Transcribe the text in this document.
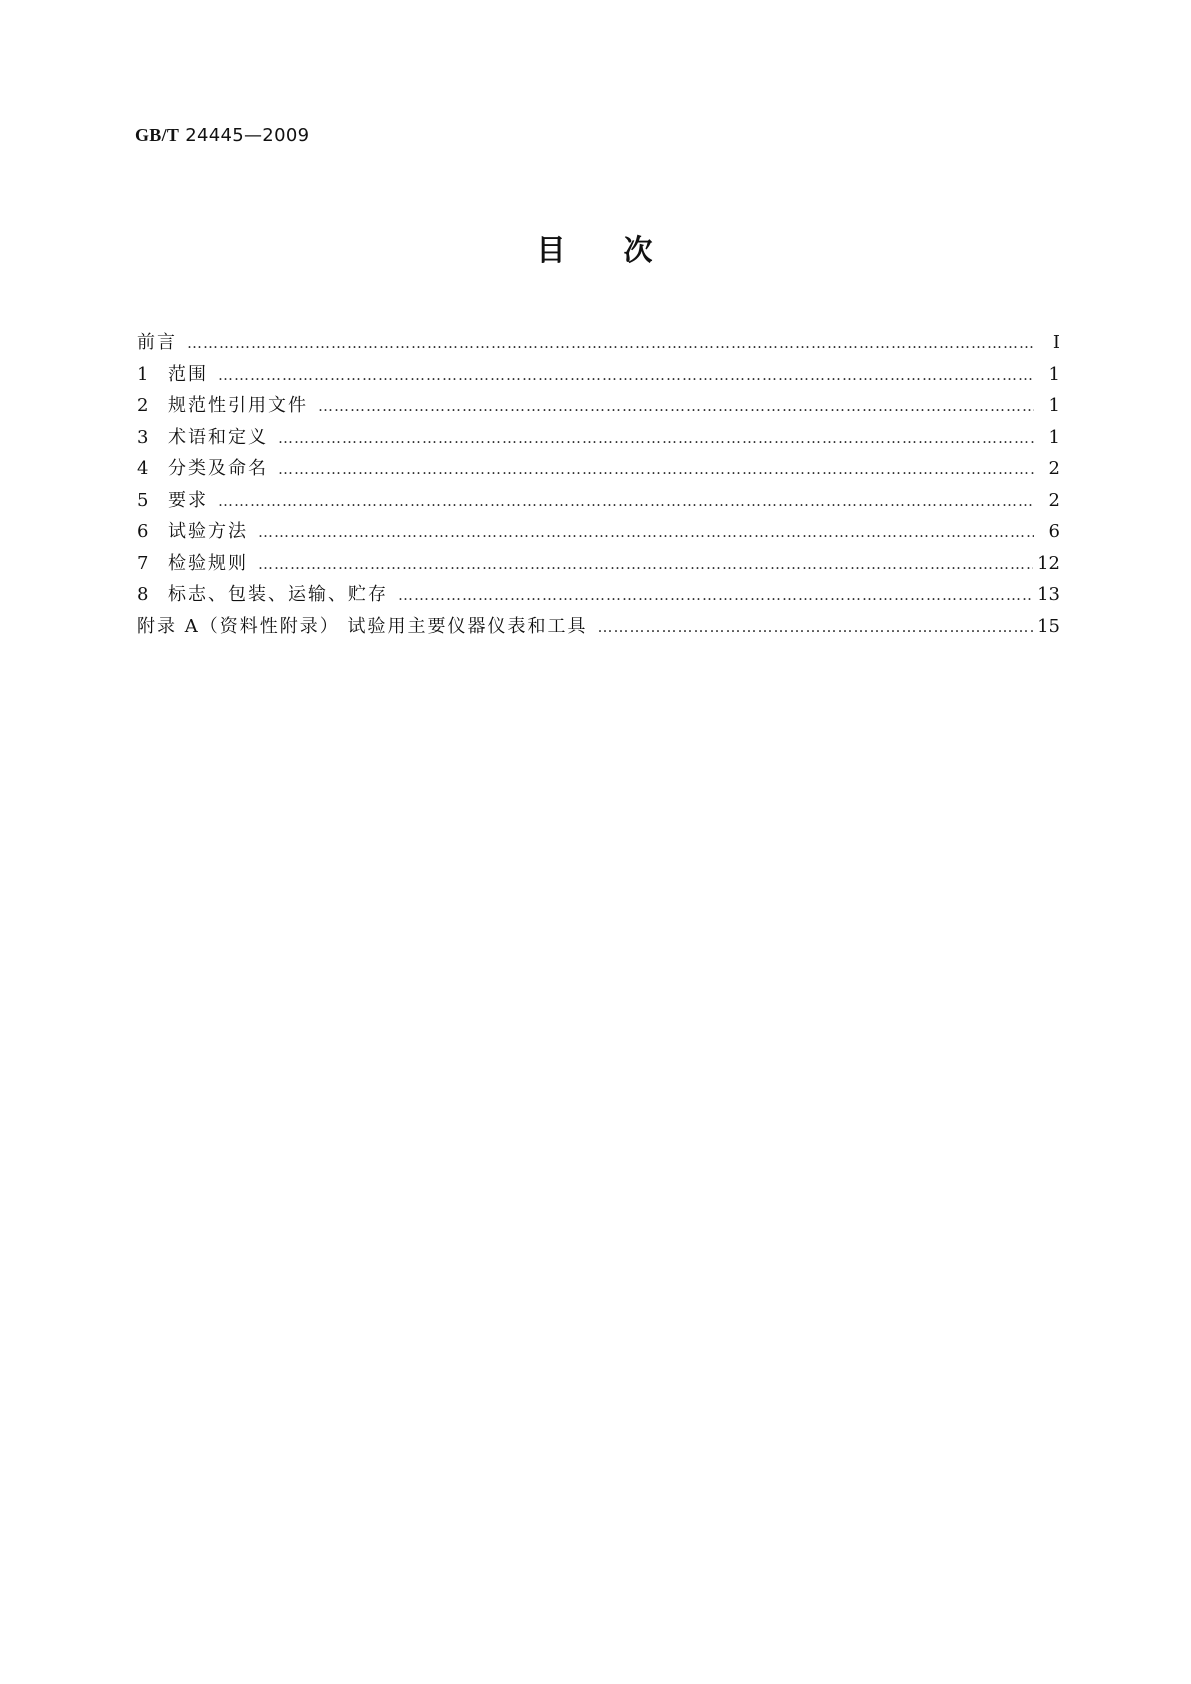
GB/T 24445—2009
目 次
前言 ………………………………………………………………………………………………………………………………………………………………………………………………………………………………	Ⅰ
1	范围 ………………………………………………………………………………………………………………………………………………………………………………………………………………………………	1
2	规范性引用文件 ………………………………………………………………………………………………………………………………………………………………………………………………………………………………	1
3	术语和定义 ………………………………………………………………………………………………………………………………………………………………………………………………………………………………	1
4	分类及命名 ………………………………………………………………………………………………………………………………………………………………………………………………………………………………	2
5	要求 ………………………………………………………………………………………………………………………………………………………………………………………………………………………………	2
6	试验方法 ………………………………………………………………………………………………………………………………………………………………………………………………………………………………	6
7	检验规则 ………………………………………………………………………………………………………………………………………………………………………………………………………………………………	12
8	标志、包装、运输、贮存 ………………………………………………………………………………………………………………………………………………………………………………………………………………………………	13
附录 A（资料性附录） 试验用主要仪器仪表和工具 ………………………………………………………………………………………………………………………………………………………………………………………………………………………………	15
